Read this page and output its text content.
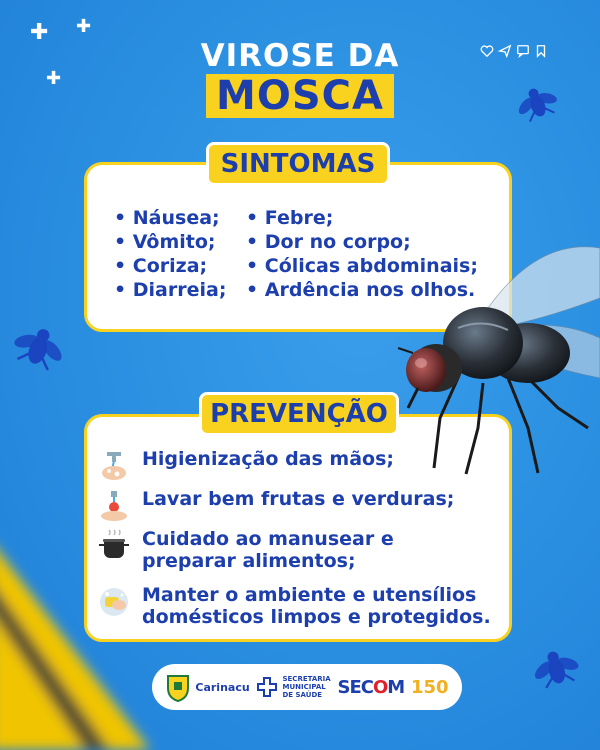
✚ ✚
✚
VIROSE DA
MOSCA
SINTOMAS
• Náusea;
• Vômito;
• Coriza;
• Diarreia;
• Febre;
• Dor no corpo;
• Cólicas abdominais;
• Ardência nos olhos.
PREVENÇÃO
Higienização das mãos;
Lavar bem frutas e verduras;
Cuidado ao manusear e
preparar alimentos;
Manter o ambiente e utensílios
domésticos limpos e protegidos.
Carinacu
SECRETARIA
MUNICIPAL
DE SAÚDE SECOM 150
